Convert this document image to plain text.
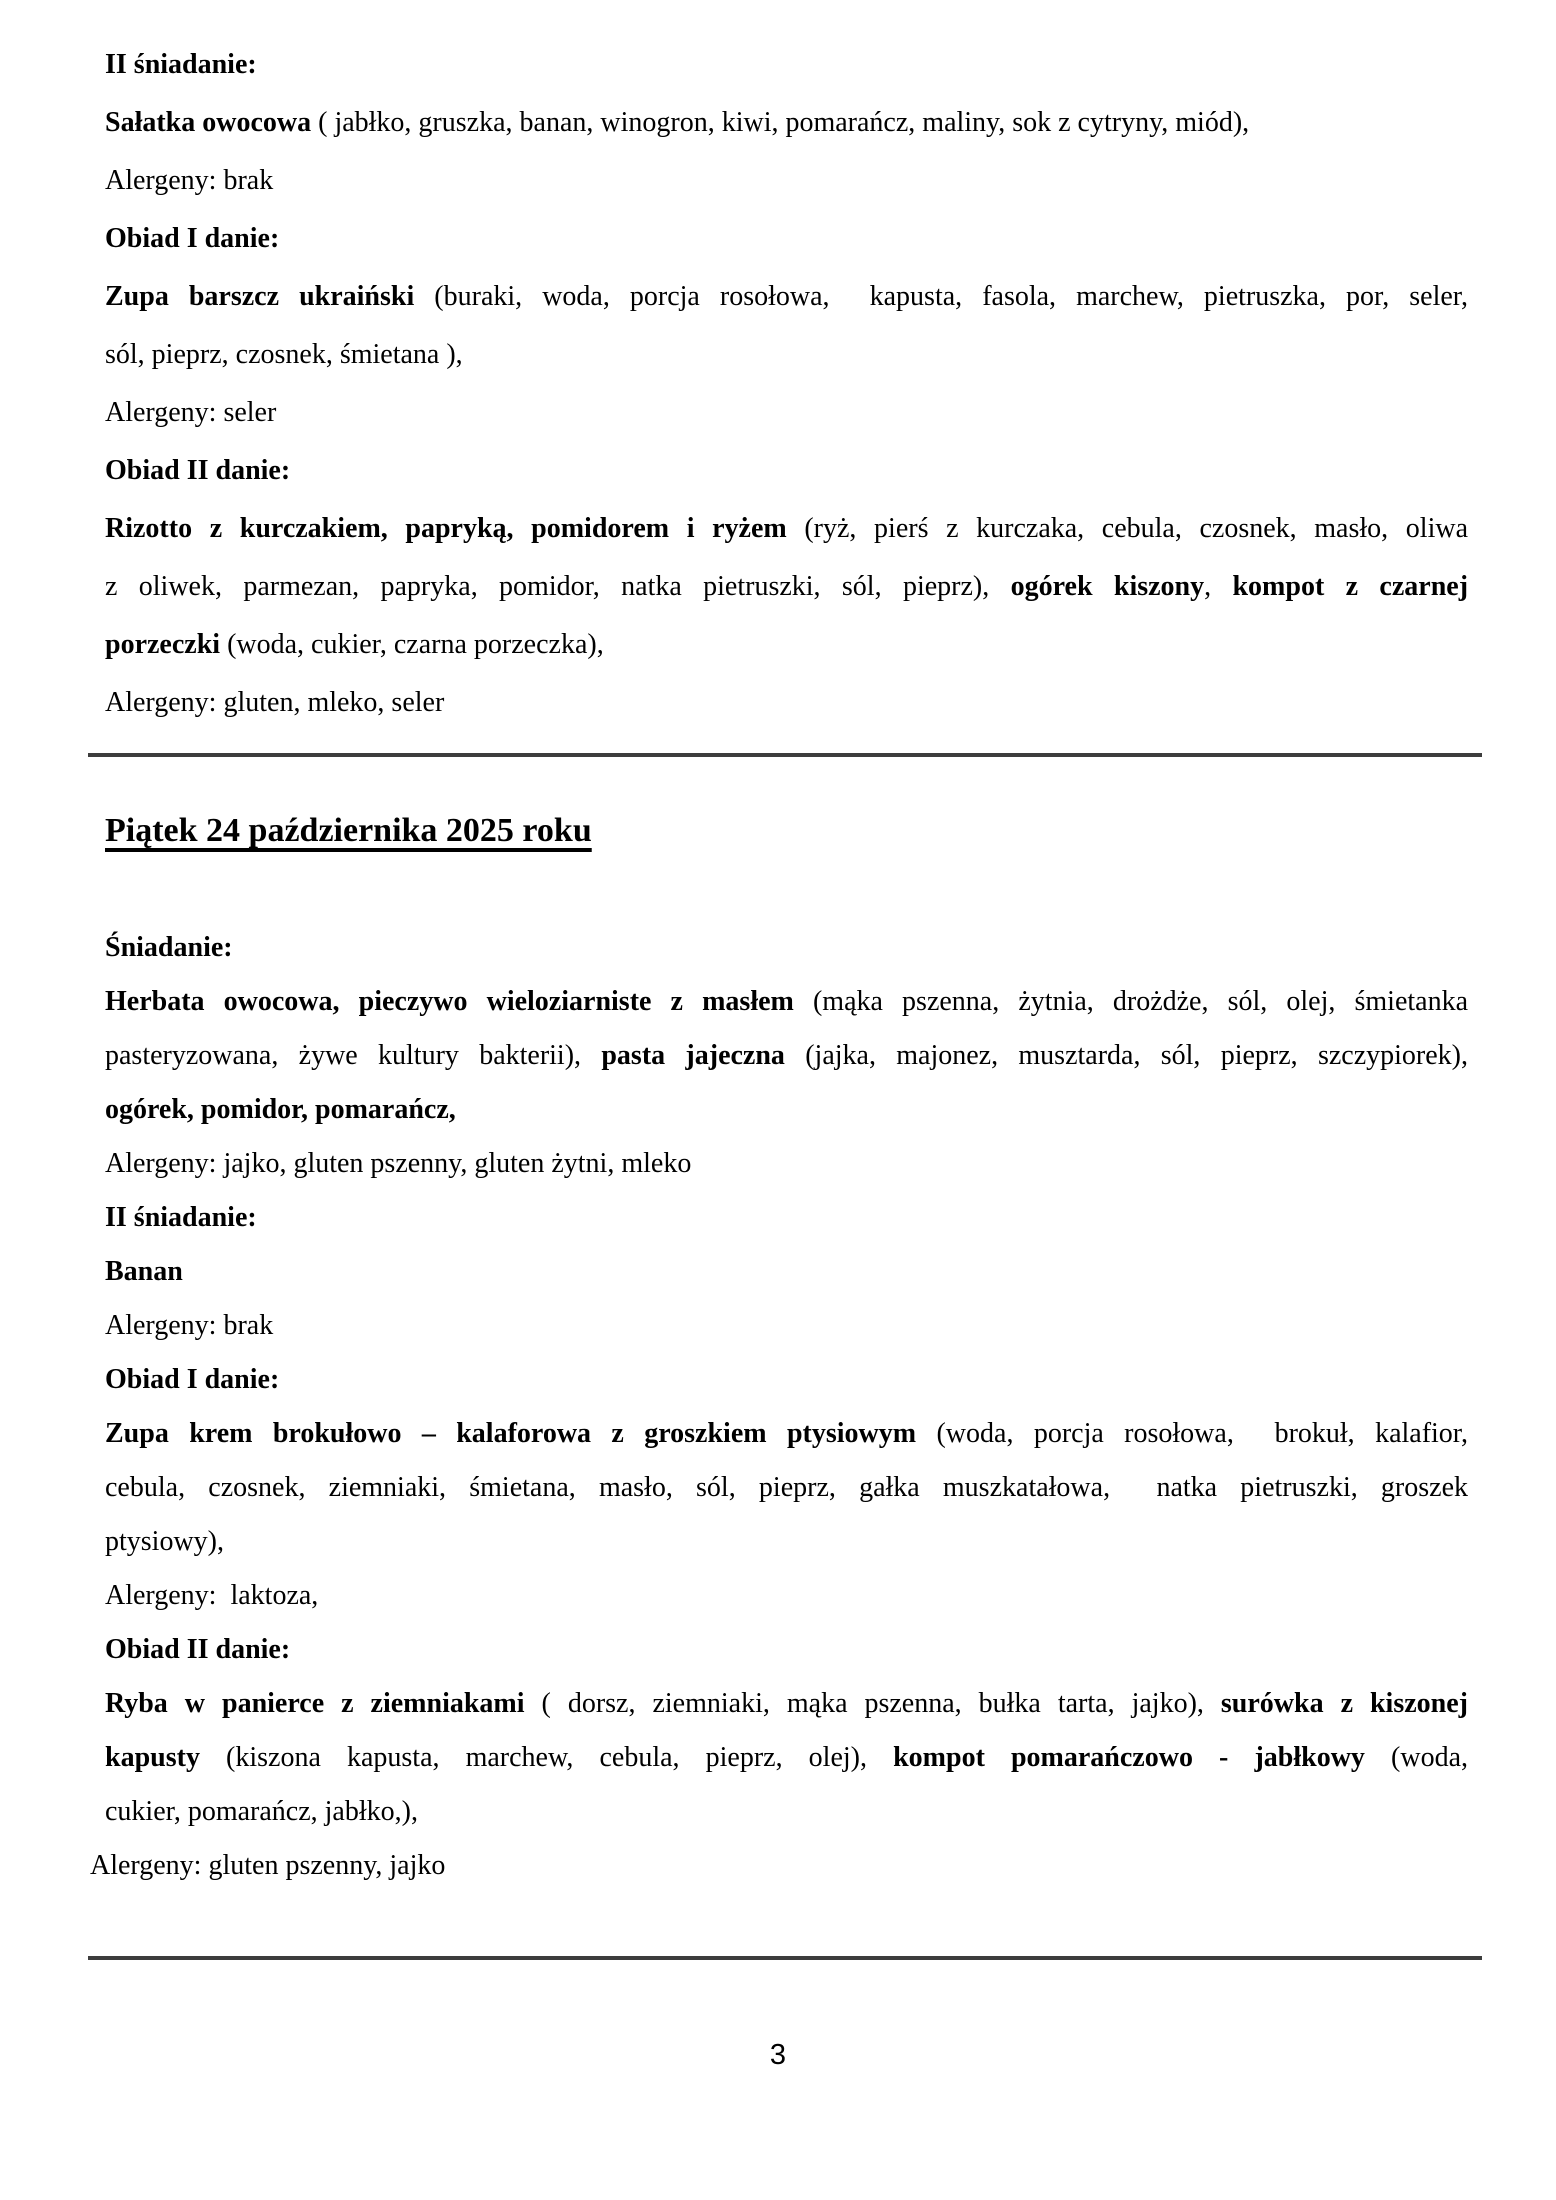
II śniadanie:
Sałatka owocowa ( jabłko, gruszka, banan, winogron, kiwi, pomarańcz, maliny, sok z cytryny, miód),
Alergeny: brak
Obiad I danie:
Zupa barszcz ukraiński (buraki, woda, porcja rosołowa,  kapusta, fasola, marchew, pietruszka, por, seler,
sól, pieprz, czosnek, śmietana ),
Alergeny: seler
Obiad II danie:
Rizotto z kurczakiem, papryką, pomidorem i ryżem (ryż, pierś z kurczaka, cebula, czosnek, masło, oliwa
z oliwek, parmezan, papryka, pomidor, natka pietruszki, sól, pieprz), ogórek kiszony, kompot z czarnej
porzeczki (woda, cukier, czarna porzeczka),
Alergeny: gluten, mleko, seler
Piątek 24 października 2025 roku
Śniadanie:
Herbata owocowa, pieczywo wieloziarniste z masłem (mąka pszenna, żytnia, drożdże, sól, olej, śmietanka
pasteryzowana, żywe kultury bakterii), pasta jajeczna (jajka, majonez, musztarda, sól, pieprz, szczypiorek),
ogórek, pomidor, pomarańcz,
Alergeny: jajko, gluten pszenny, gluten żytni, mleko
II śniadanie:
Banan
Alergeny: brak
Obiad I danie:
Zupa krem brokułowo – kalaforowa z groszkiem ptysiowym (woda, porcja rosołowa,  brokuł, kalafior,
cebula, czosnek, ziemniaki, śmietana, masło, sól, pieprz, gałka muszkatałowa,  natka pietruszki, groszek
ptysiowy),
Alergeny:  laktoza,
Obiad II danie:
Ryba w panierce z ziemniakami ( dorsz, ziemniaki, mąka pszenna, bułka tarta, jajko), surówka z kiszonej
kapusty (kiszona kapusta, marchew, cebula, pieprz, olej), kompot pomarańczowo - jabłkowy (woda,
cukier, pomarańcz, jabłko,),
Alergeny: gluten pszenny, jajko
3
